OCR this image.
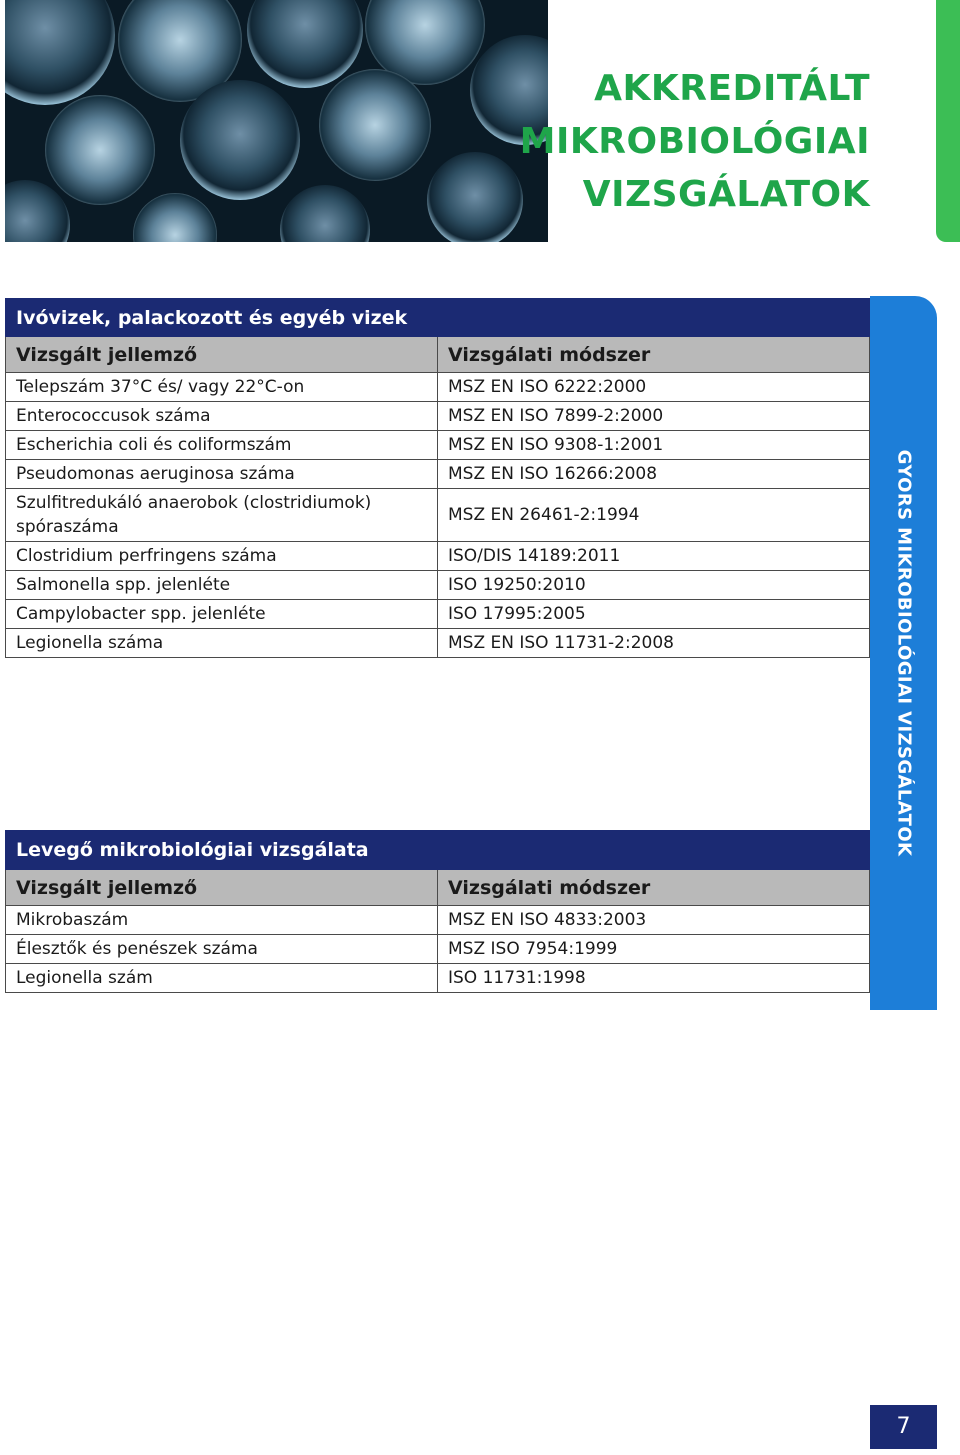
AKKREDITÁLT
MIKROBIOLÓGIAI
VIZSGÁLATOK
Ivóvizek, palackozott és egyéb vizek	
Vizsgált jellemző	Vizsgálati módszer
Telepszám 37°C és/ vagy 22°C-on	MSZ EN ISO 6222:2000
Enterococcusok száma	MSZ EN ISO 7899-2:2000
Escherichia coli és coliformszám	MSZ EN ISO 9308-1:2001
Pseudomonas aeruginosa száma	MSZ EN ISO 16266:2008
Szulfitredukáló anaerobok (clostridiumok) spóraszáma	MSZ EN 26461-2:1994
Clostridium perfringens száma	ISO/DIS 14189:2011
Salmonella spp. jelenléte	ISO 19250:2010
Campylobacter spp. jelenléte	ISO 17995:2005
Legionella száma	MSZ EN ISO 11731-2:2008
Levegő mikrobiológiai vizsgálata	
Vizsgált jellemző	Vizsgálati módszer
Mikrobaszám	MSZ EN ISO 4833:2003
Élesztők és penészek száma	MSZ ISO 7954:1999
Legionella szám	ISO 11731:1998
GYORS MIKROBIOLÓGIAI VIZSGÁLATOK
7
